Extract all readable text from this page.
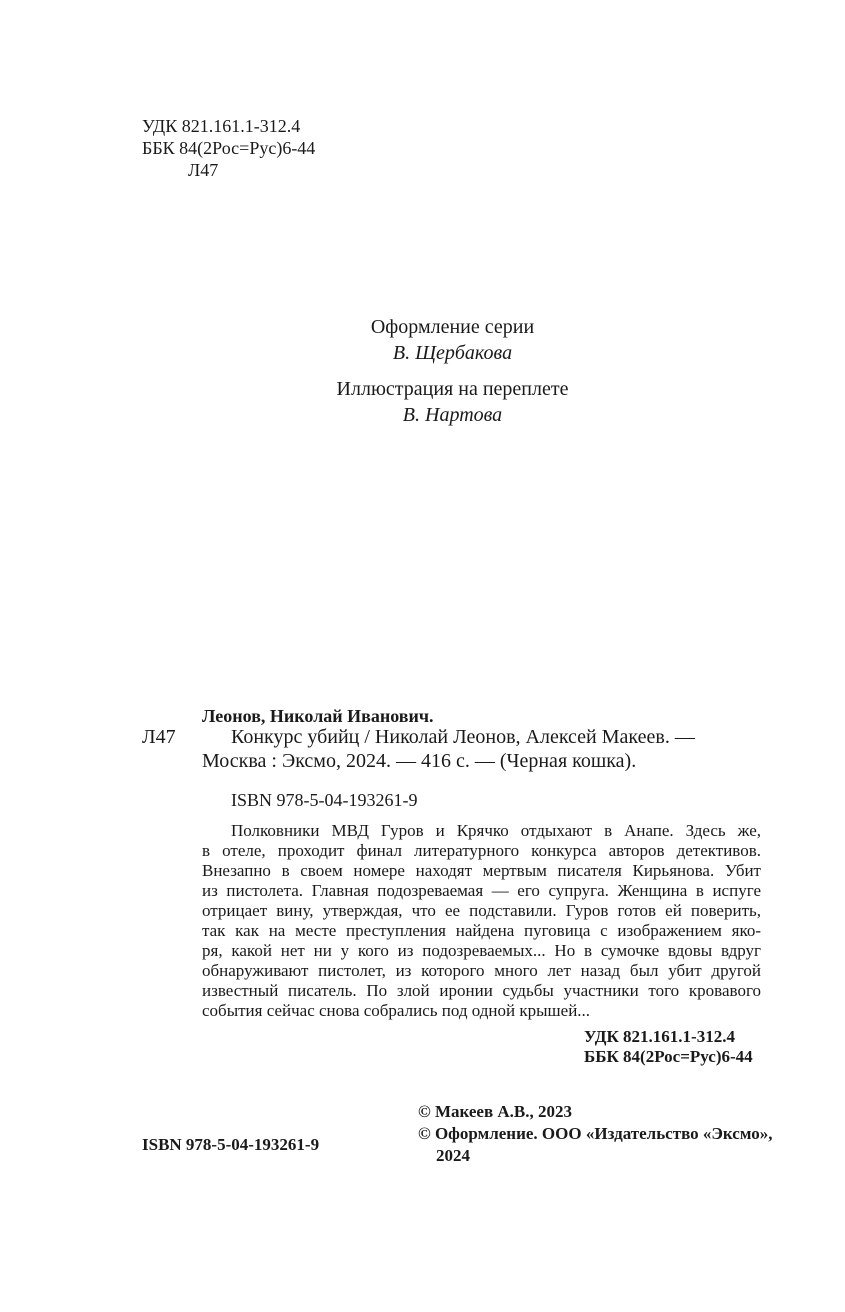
УДК 821.161.1-312.4
ББК 84(2Рос=Рус)6-44
Л47
Оформление серии
В. Щербакова
Иллюстрация на переплете
В. Нартова
Леонов, Николай Иванович.
Л47	Конкурс убийц / Николай Леонов, Алексей Макеев. —
Москва : Эксмо, 2024. — 416 с. — (Черная кошка).
ISBN 978-5-04-193261-9
Полковники МВД Гуров и Крячко отдыхают в Анапе. Здесь же,
в отеле, проходит финал литературного конкурса авторов детективов.
Внезапно в своем номере находят мертвым писателя Кирьянова. Убит
из пистолета. Главная подозреваемая — его супруга. Женщина в испуге
отрицает вину, утверждая, что ее подставили. Гуров готов ей поверить,
так как на месте преступления найдена пуговица с изображением яко-
ря, какой нет ни у кого из подозреваемых... Но в сумочке вдовы вдруг
обнаруживают пистолет, из которого много лет назад был убит другой
известный писатель. По злой иронии судьбы участники того кровавого
события сейчас снова собрались под одной крышей...
УДК 821.161.1-312.4
ББК 84(2Рос=Рус)6-44
© Макеев А.В., 2023
© Оформление. ООО «Издательство «Эксмо»,
2024
ISBN 978-5-04-193261-9
